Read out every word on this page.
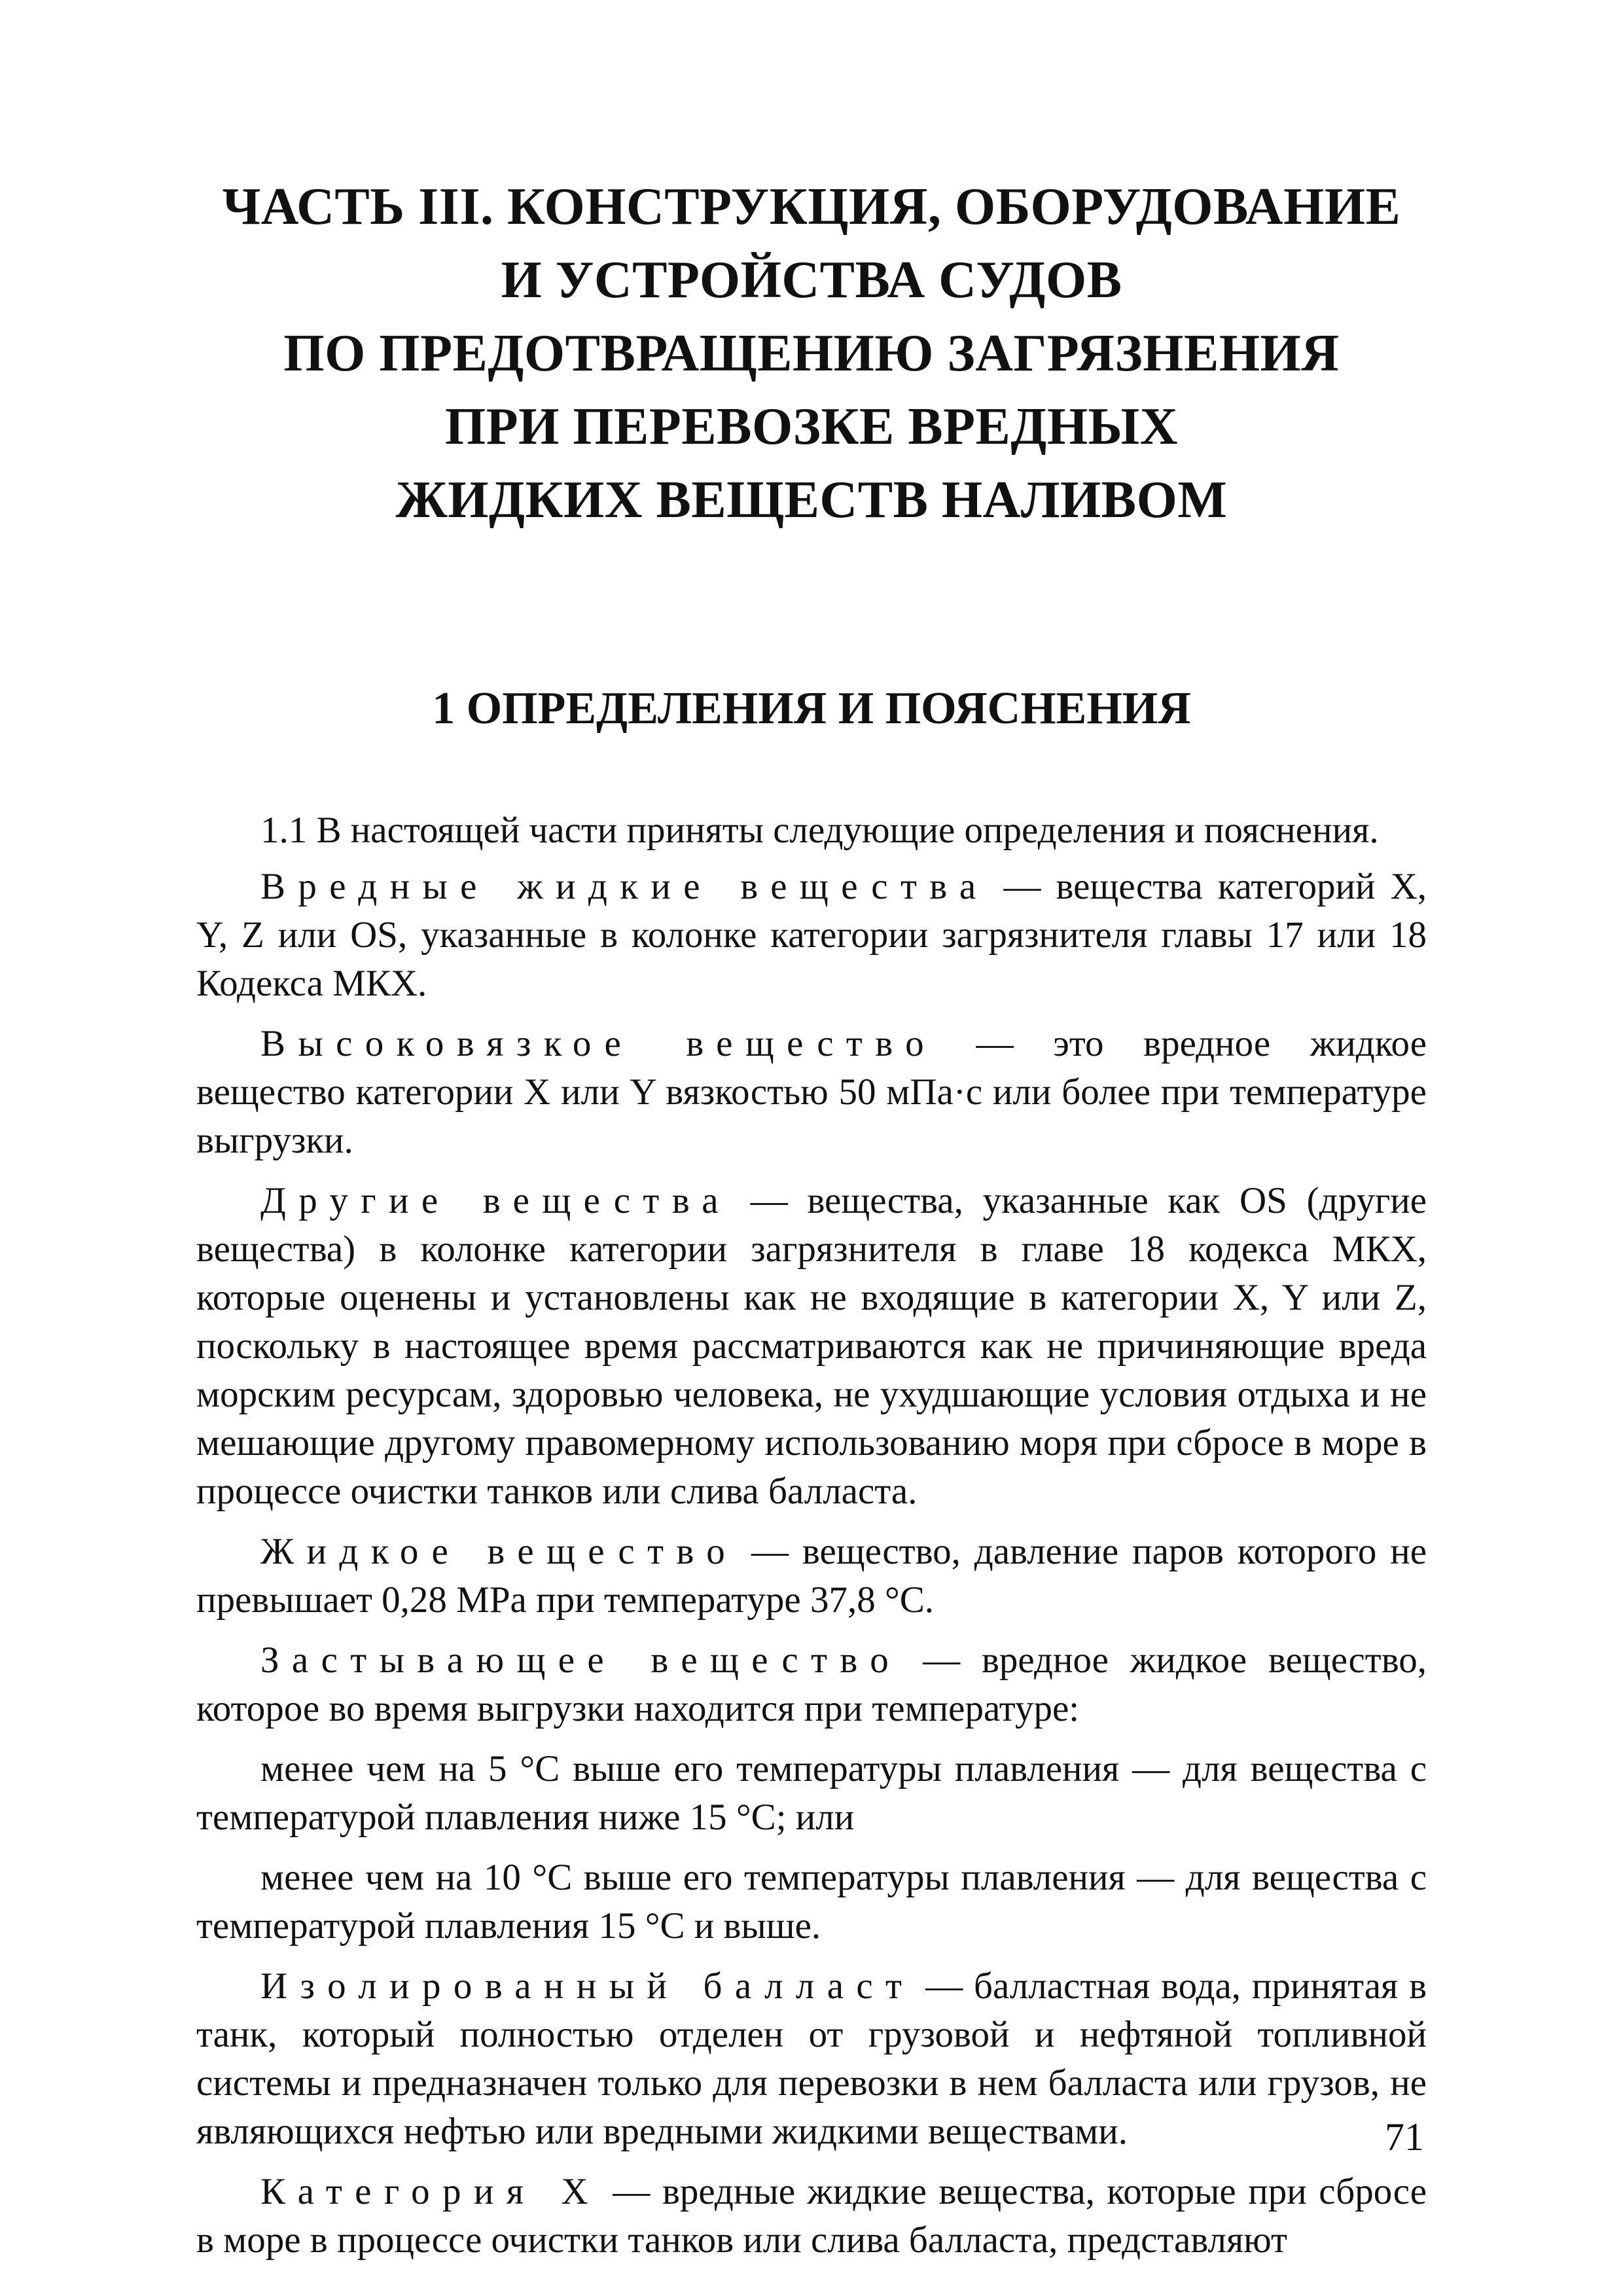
ЧАСТЬ III. КОНСТРУКЦИЯ, ОБОРУДОВАНИЕ
И УСТРОЙСТВА СУДОВ
ПО ПРЕДОТВРАЩЕНИЮ ЗАГРЯЗНЕНИЯ
ПРИ ПЕРЕВОЗКЕ ВРЕДНЫХ
ЖИДКИХ ВЕЩЕСТВ НАЛИВОМ
1 ОПРЕДЕЛЕНИЯ И ПОЯСНЕНИЯ

1.1 В настоящей части приняты следующие определения и пояснения.

Вредные жидкие вещества — вещества категорий X, Y, Z или OS, указанные в колонке категории загрязнителя главы 17 или 18 Кодекса МКХ.

Высоковязкое вещество — это вредное жидкое вещество категории X или Y вязкостью 50 мПа·с или более при температуре выгрузки.

Другие вещества — вещества, указанные как OS (другие вещества) в колонке категории загрязнителя в главе 18 кодекса МКХ, которые оценены и установлены как не входящие в категории X, Y или Z, поскольку в настоящее время рассматриваются как не причиняющие вреда морским ресурсам, здоровью человека, не ухудшающие условия отдыха и не мешающие другому правомерному использованию моря при сбросе в море в процессе очистки танков или слива балласта.

Жидкое вещество — вещество, давление паров которого не превышает 0,28 MPa при температуре 37,8 °С.

Застывающее вещество — вредное жидкое вещество, которое во время выгрузки находится при температуре:

менее чем на 5 °С выше его температуры плавления — для вещества с температурой плавления ниже 15 °С; или

менее чем на 10 °С выше его температуры плавления — для вещества с температурой плавления 15 °С и выше.

Изолированный балласт — балластная вода, принятая в танк, который полностью отделен от грузовой и нефтяной топливной системы и предназначен только для перевозки в нем балласта или грузов, не являющихся нефтью или вредными жидкими веществами.

Категория X — вредные жидкие вещества, которые при сбросе в море в процессе очистки танков или слива балласта, представляют

71
